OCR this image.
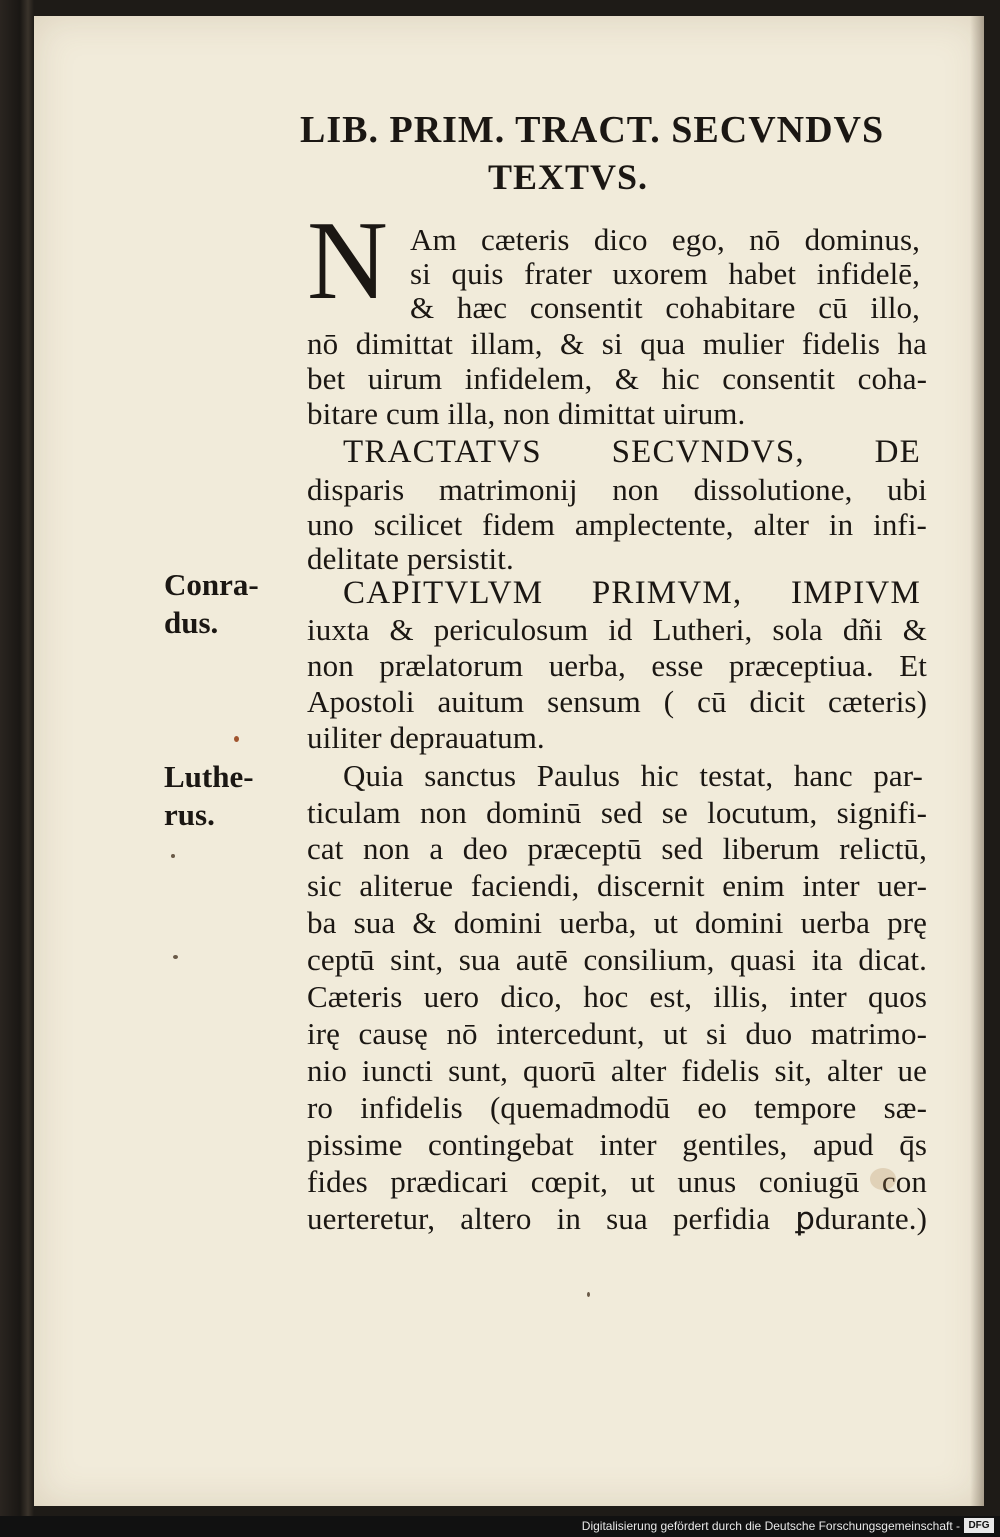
LIB. PRIM. TRACT. SECVNDVS
TEXTVS.
N Am cæteris dico ego, nō dominus,
si quis frater uxorem habet infidelē,
& hæc consentit cohabitare cū illo,
nō dimittat illam, & si qua mulier fidelis ha
bet uirum infidelem, & hic consentit coha-
bitare cum illa, non dimittat uirum.
TRACTATVS SECVNDVS, DE
disparis matrimonij non dissolutione, ubi
uno scilicet fidem amplectente, alter in infi-
delitate persistit.
CAPITVLVM PRIMVM, IMPIVM
iuxta & periculosum id Lutheri, sola dñi &
non prælatorum uerba, esse præceptiua. Et
Apostoli auitum sensum ( cū dicit cæteris)
uiliter deprauatum.
Quia sanctus Paulus hic testat, hanc par-
ticulam non dominū sed se locutum, signifi-
cat non a deo præceptū sed liberum relictū,
sic aliterue faciendi, discernit enim inter uer-
ba sua & domini uerba, ut domini uerba prę
ceptū sint, sua autē consilium, quasi ita dicat.
Cæteris uero dico, hoc est, illis, inter quos
irę causę nō intercedunt, ut si duo matrimo-
nio iuncti sunt, quorū alter fidelis sit, alter ue
ro infidelis (quemadmodū eo tempore sæ-
pissime contingebat inter gentiles, apud q̄s
fides prædicari cœpit, ut unus coniugū con
uerteretur, altero in sua perfidia ꝑdurante.)
Conra-
dus.
Luthe-
rus.
Digitalisierung gefördert durch die Deutsche Forschungsgemeinschaft - DFG
